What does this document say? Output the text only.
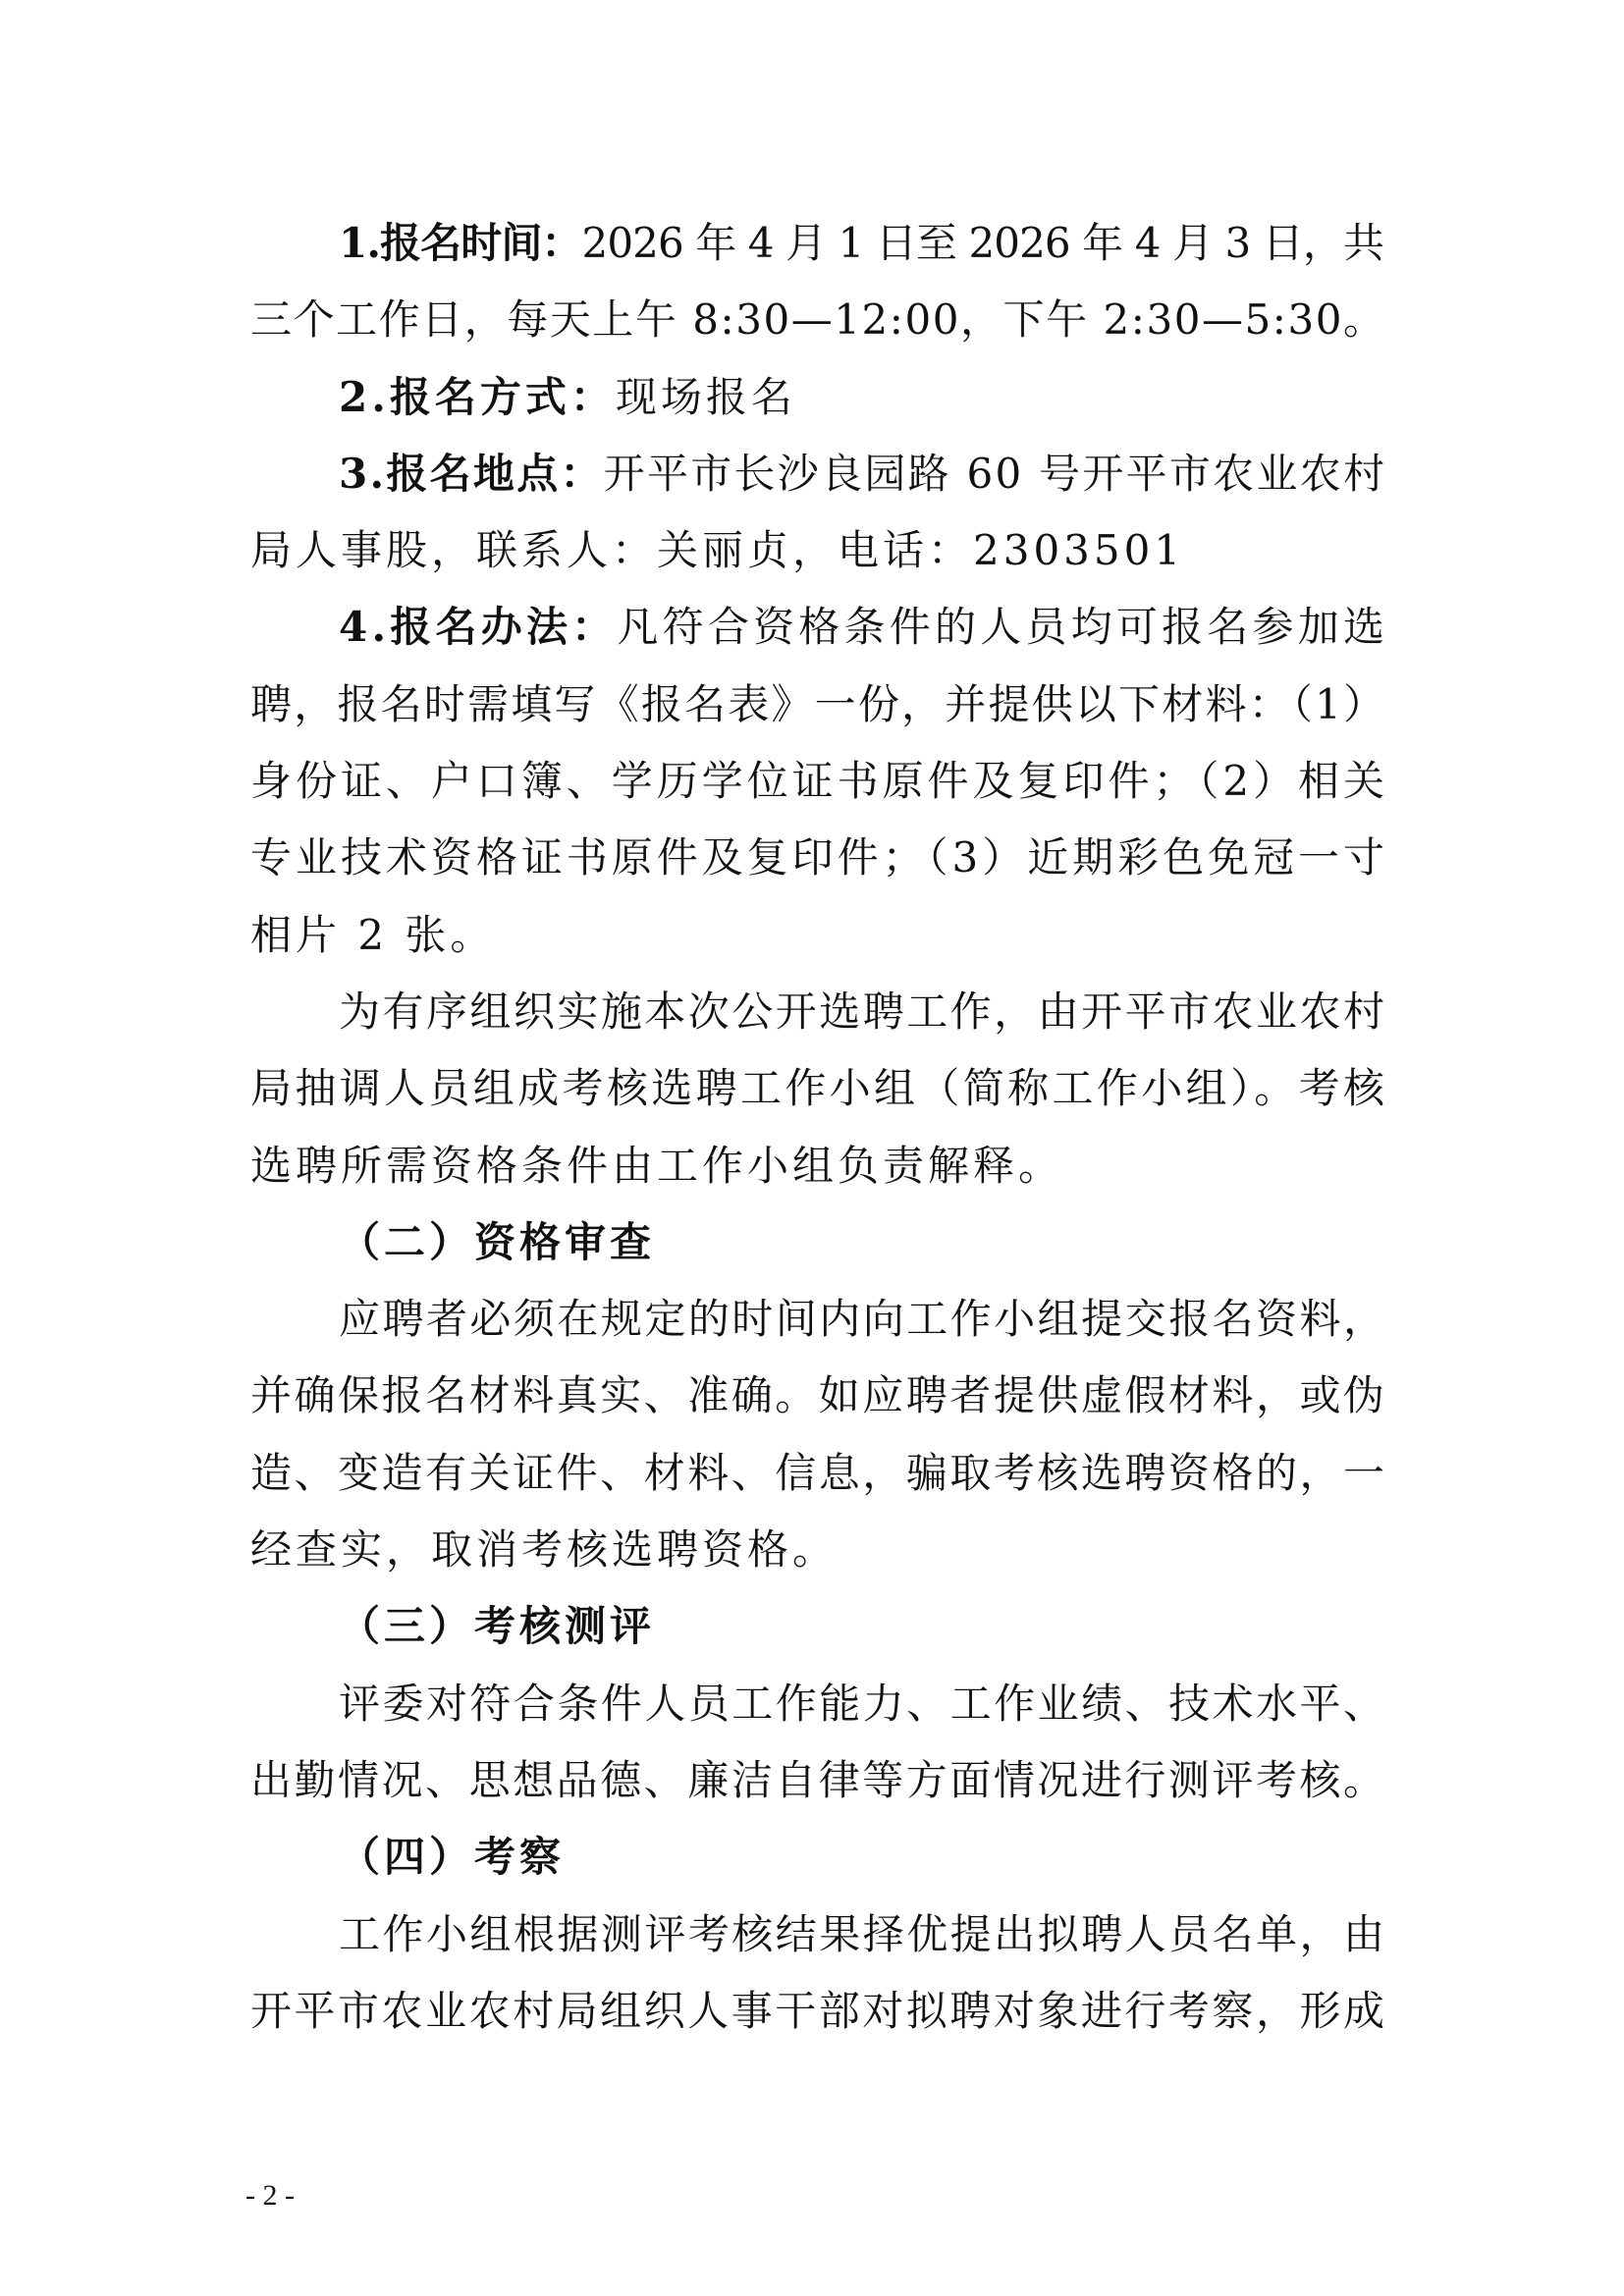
1.报名时间：2026 年 4 月 1 日至 2026 年 4 月 3 日，共
三个工作日，每天上午 8:30—12:00，下午 2:30—5:30。
2.报名方式：现场报名
3.报名地点：开平市长沙良园路 60 号开平市农业农村
局人事股，联系人：关丽贞，电话：2303501
4.报名办法：凡符合资格条件的人员均可报名参加选
聘，报名时需填写《报名表》一份，并提供以下材料：（1）
身份证、户口簿、学历学位证书原件及复印件；（2）相关
专业技术资格证书原件及复印件；（3）近期彩色免冠一寸
相片 2 张。
为有序组织实施本次公开选聘工作，由开平市农业农村
局抽调人员组成考核选聘工作小组（简称工作小组）。考核
选聘所需资格条件由工作小组负责解释。
（二）资格审查
应聘者必须在规定的时间内向工作小组提交报名资料，
并确保报名材料真实、准确。如应聘者提供虚假材料，或伪
造、变造有关证件、材料、信息，骗取考核选聘资格的，一
经查实，取消考核选聘资格。
（三）考核测评
评委对符合条件人员工作能力、工作业绩、技术水平、
出勤情况、思想品德、廉洁自律等方面情况进行测评考核。
（四）考察
工作小组根据测评考核结果择优提出拟聘人员名单，由
开平市农业农村局组织人事干部对拟聘对象进行考察，形成
- 2 -
